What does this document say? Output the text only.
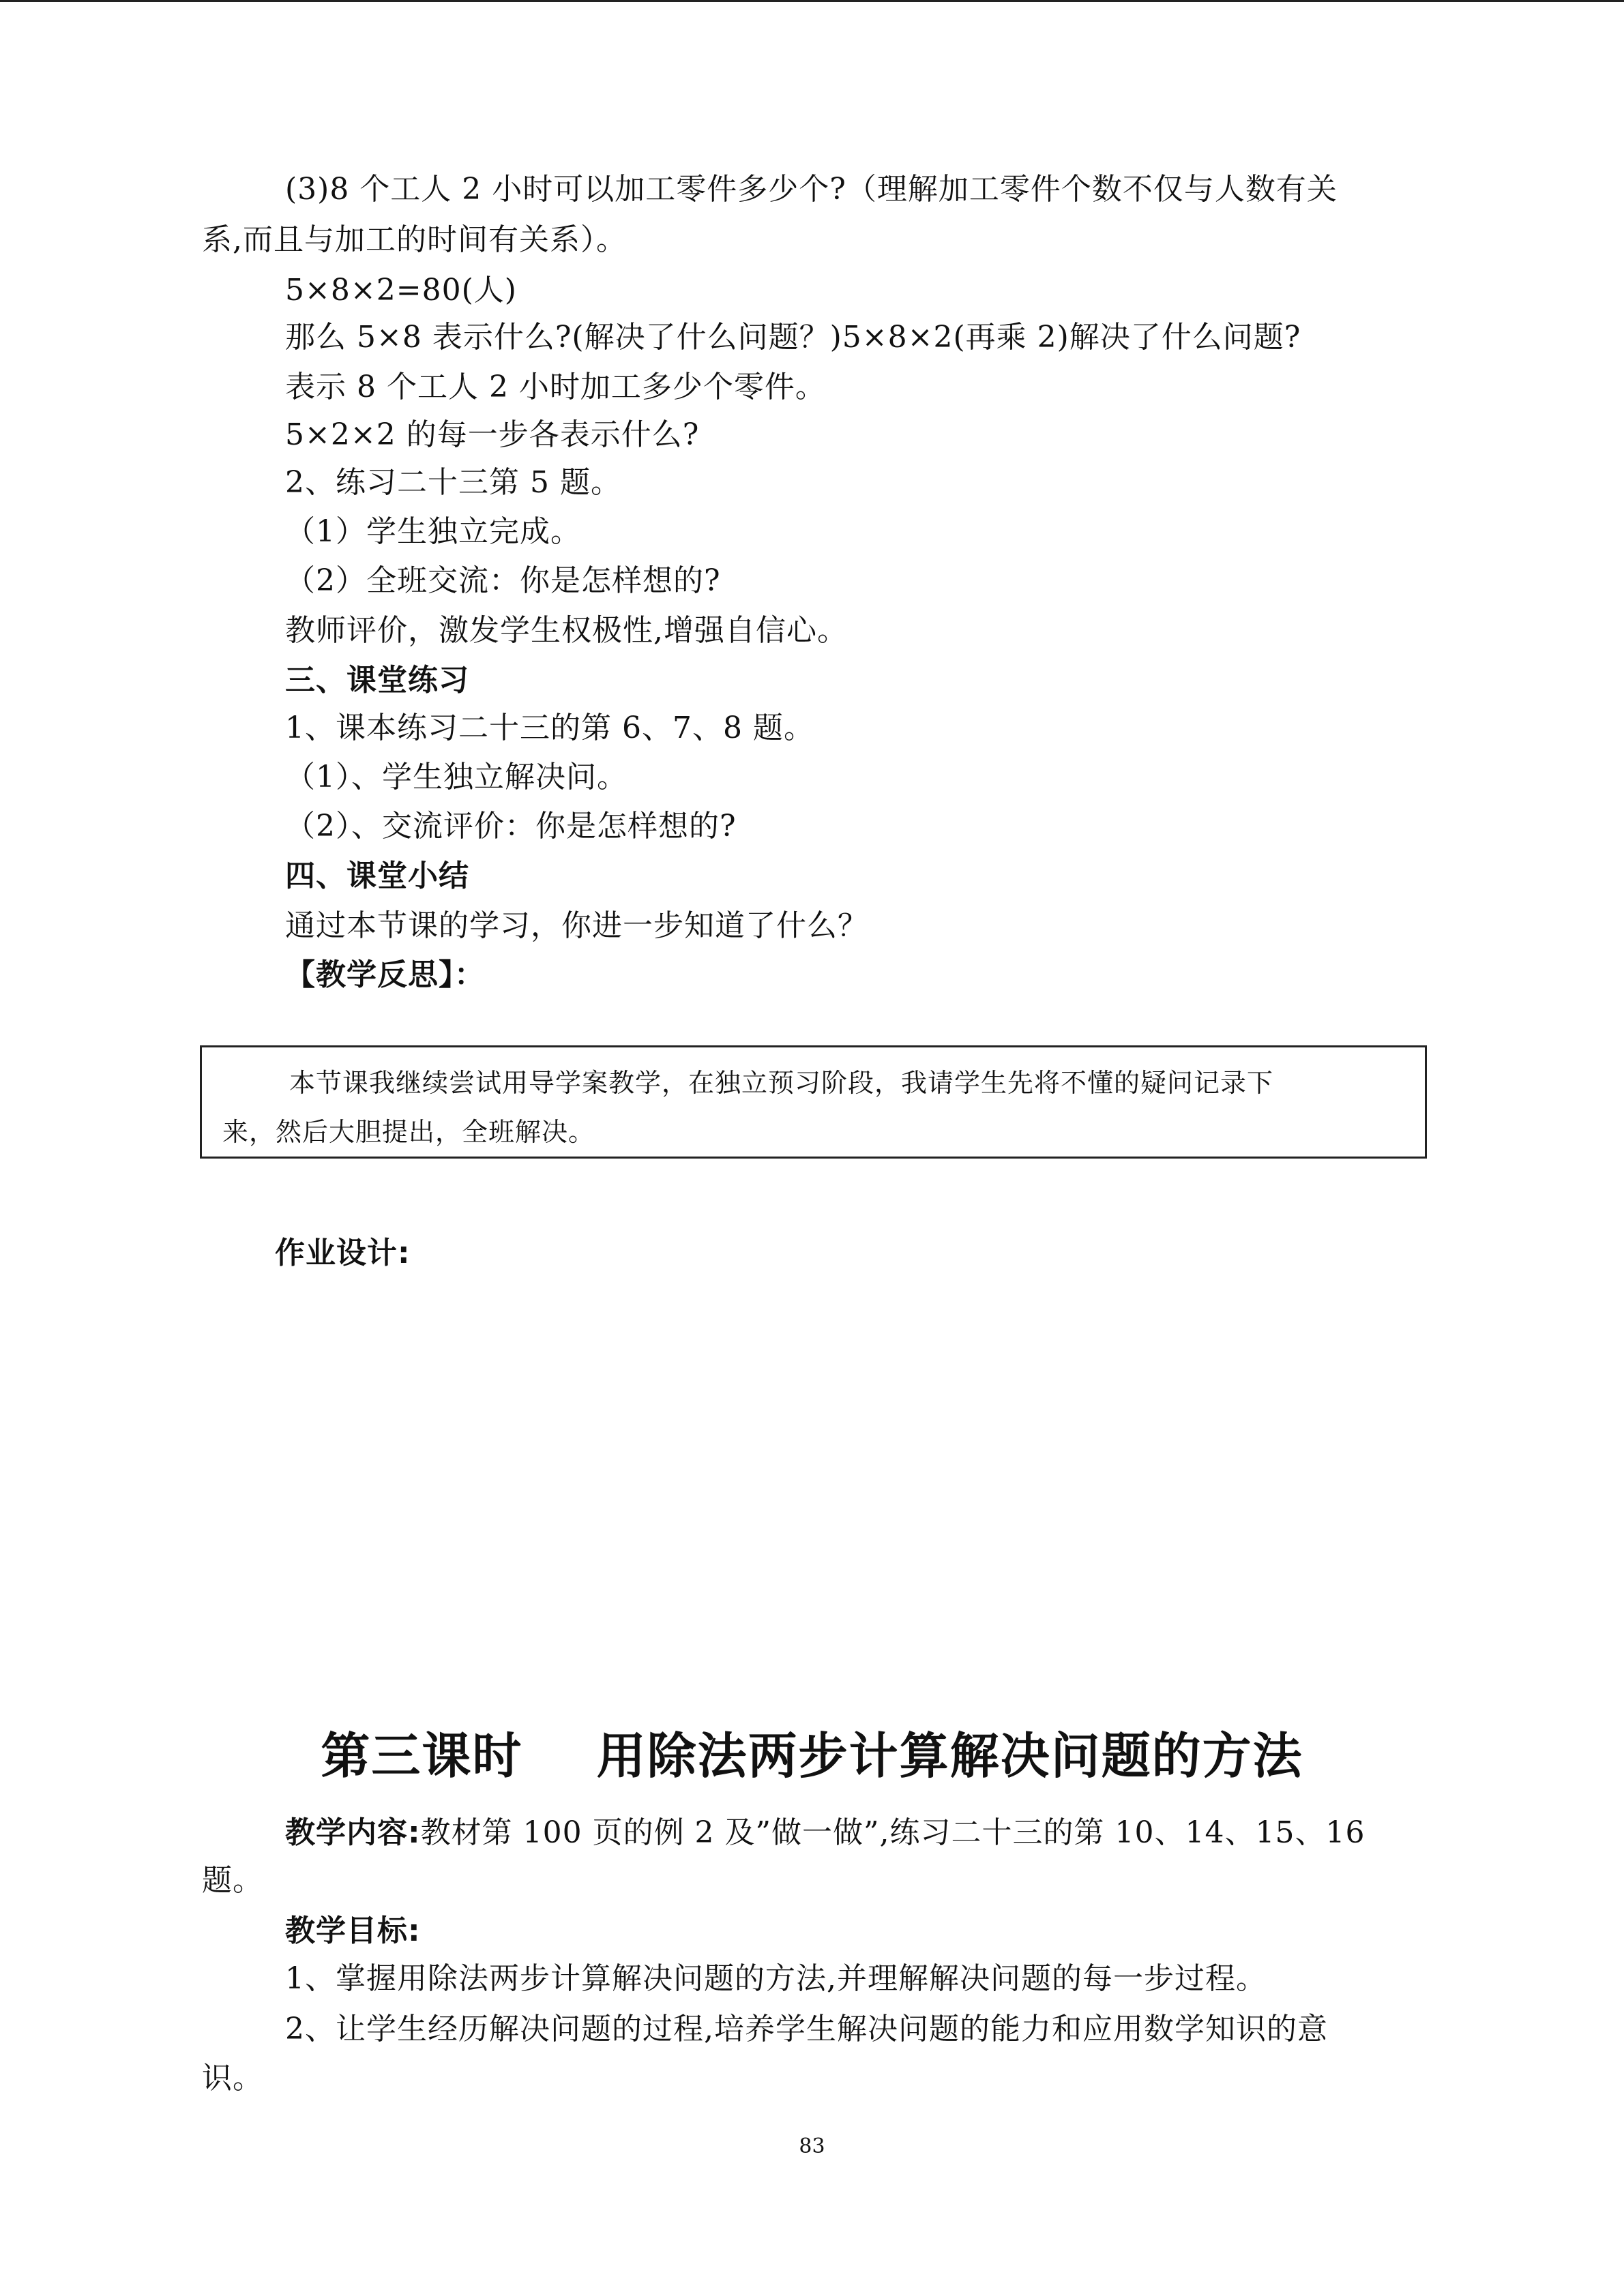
(3)8 个工人 2 小时可以加工零件多少个?（理解加工零件个数不仅与人数有关
系,而且与加工的时间有关系）。
5×8×2=80(人)
那么 5×8 表示什么?(解决了什么问题？)5×8×2(再乘 2)解决了什么问题?
表示 8 个工人 2 小时加工多少个零件。
5×2×2 的每一步各表示什么?
2、练习二十三第 5 题。
（1）学生独立完成。
（2）全班交流：你是怎样想的?
教师评价，激发学生权极性,增强自信心。
三、课堂练习
1、课本练习二十三的第 6、7、8 题。
（1）、学生独立解决问。
（2）、交流评价：你是怎样想的?
四、课堂小结
通过本节课的学习，你进一步知道了什么？
【教学反思】：
本节课我继续尝试用导学案教学，在独立预习阶段，我请学生先将不懂的疑问记录下
来，然后大胆提出，全班解决。
作业设计:
第三课时    用除法两步计算解决问题的方法
教学内容:教材第 100 页的例 2 及”做一做”,练习二十三的第 10、14、15、16
题。
教学目标:
1、掌握用除法两步计算解决问题的方法,并理解解决问题的每一步过程。
2、让学生经历解决问题的过程,培养学生解决问题的能力和应用数学知识的意
识。
83
